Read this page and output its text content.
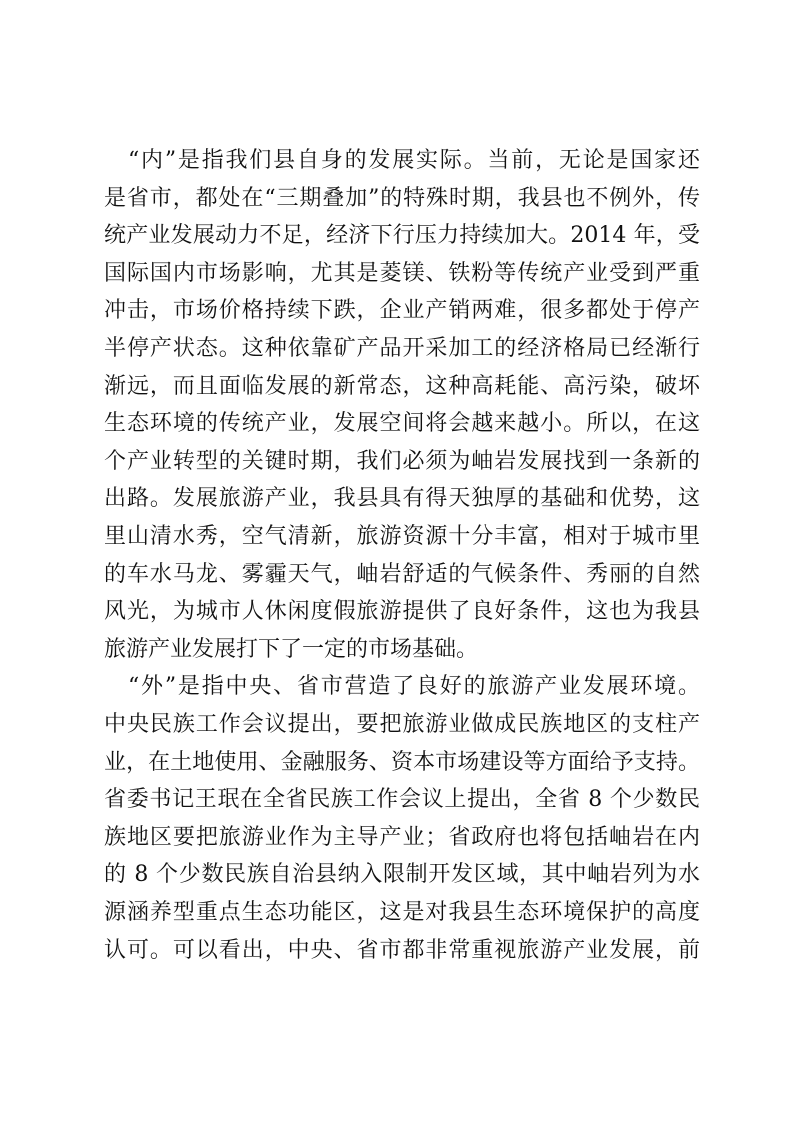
“内”是指我们县自身的发展实际。当前，无论是国家还
是省市，都处在“三期叠加”的特殊时期，我县也不例外，传
统产业发展动力不足，经济下行压力持续加大。2014 年，受
国际国内市场影响，尤其是菱镁、铁粉等传统产业受到严重
冲击，市场价格持续下跌，企业产销两难，很多都处于停产
半停产状态。这种依靠矿产品开采加工的经济格局已经渐行
渐远，而且面临发展的新常态，这种高耗能、高污染，破坏
生态环境的传统产业，发展空间将会越来越小。所以，在这
个产业转型的关键时期，我们必须为岫岩发展找到一条新的
出路。发展旅游产业，我县具有得天独厚的基础和优势，这
里山清水秀，空气清新，旅游资源十分丰富，相对于城市里
的车水马龙、雾霾天气，岫岩舒适的气候条件、秀丽的自然
风光，为城市人休闲度假旅游提供了良好条件，这也为我县
旅游产业发展打下了一定的市场基础。
“外”是指中央、省市营造了良好的旅游产业发展环境。
中央民族工作会议提出，要把旅游业做成民族地区的支柱产
业，在土地使用、金融服务、资本市场建设等方面给予支持。
省委书记王珉在全省民族工作会议上提出，全省 8 个少数民
族地区要把旅游业作为主导产业；省政府也将包括岫岩在内
的 8 个少数民族自治县纳入限制开发区域，其中岫岩列为水
源涵养型重点生态功能区，这是对我县生态环境保护的高度
认可。可以看出，中央、省市都非常重视旅游产业发展，前
